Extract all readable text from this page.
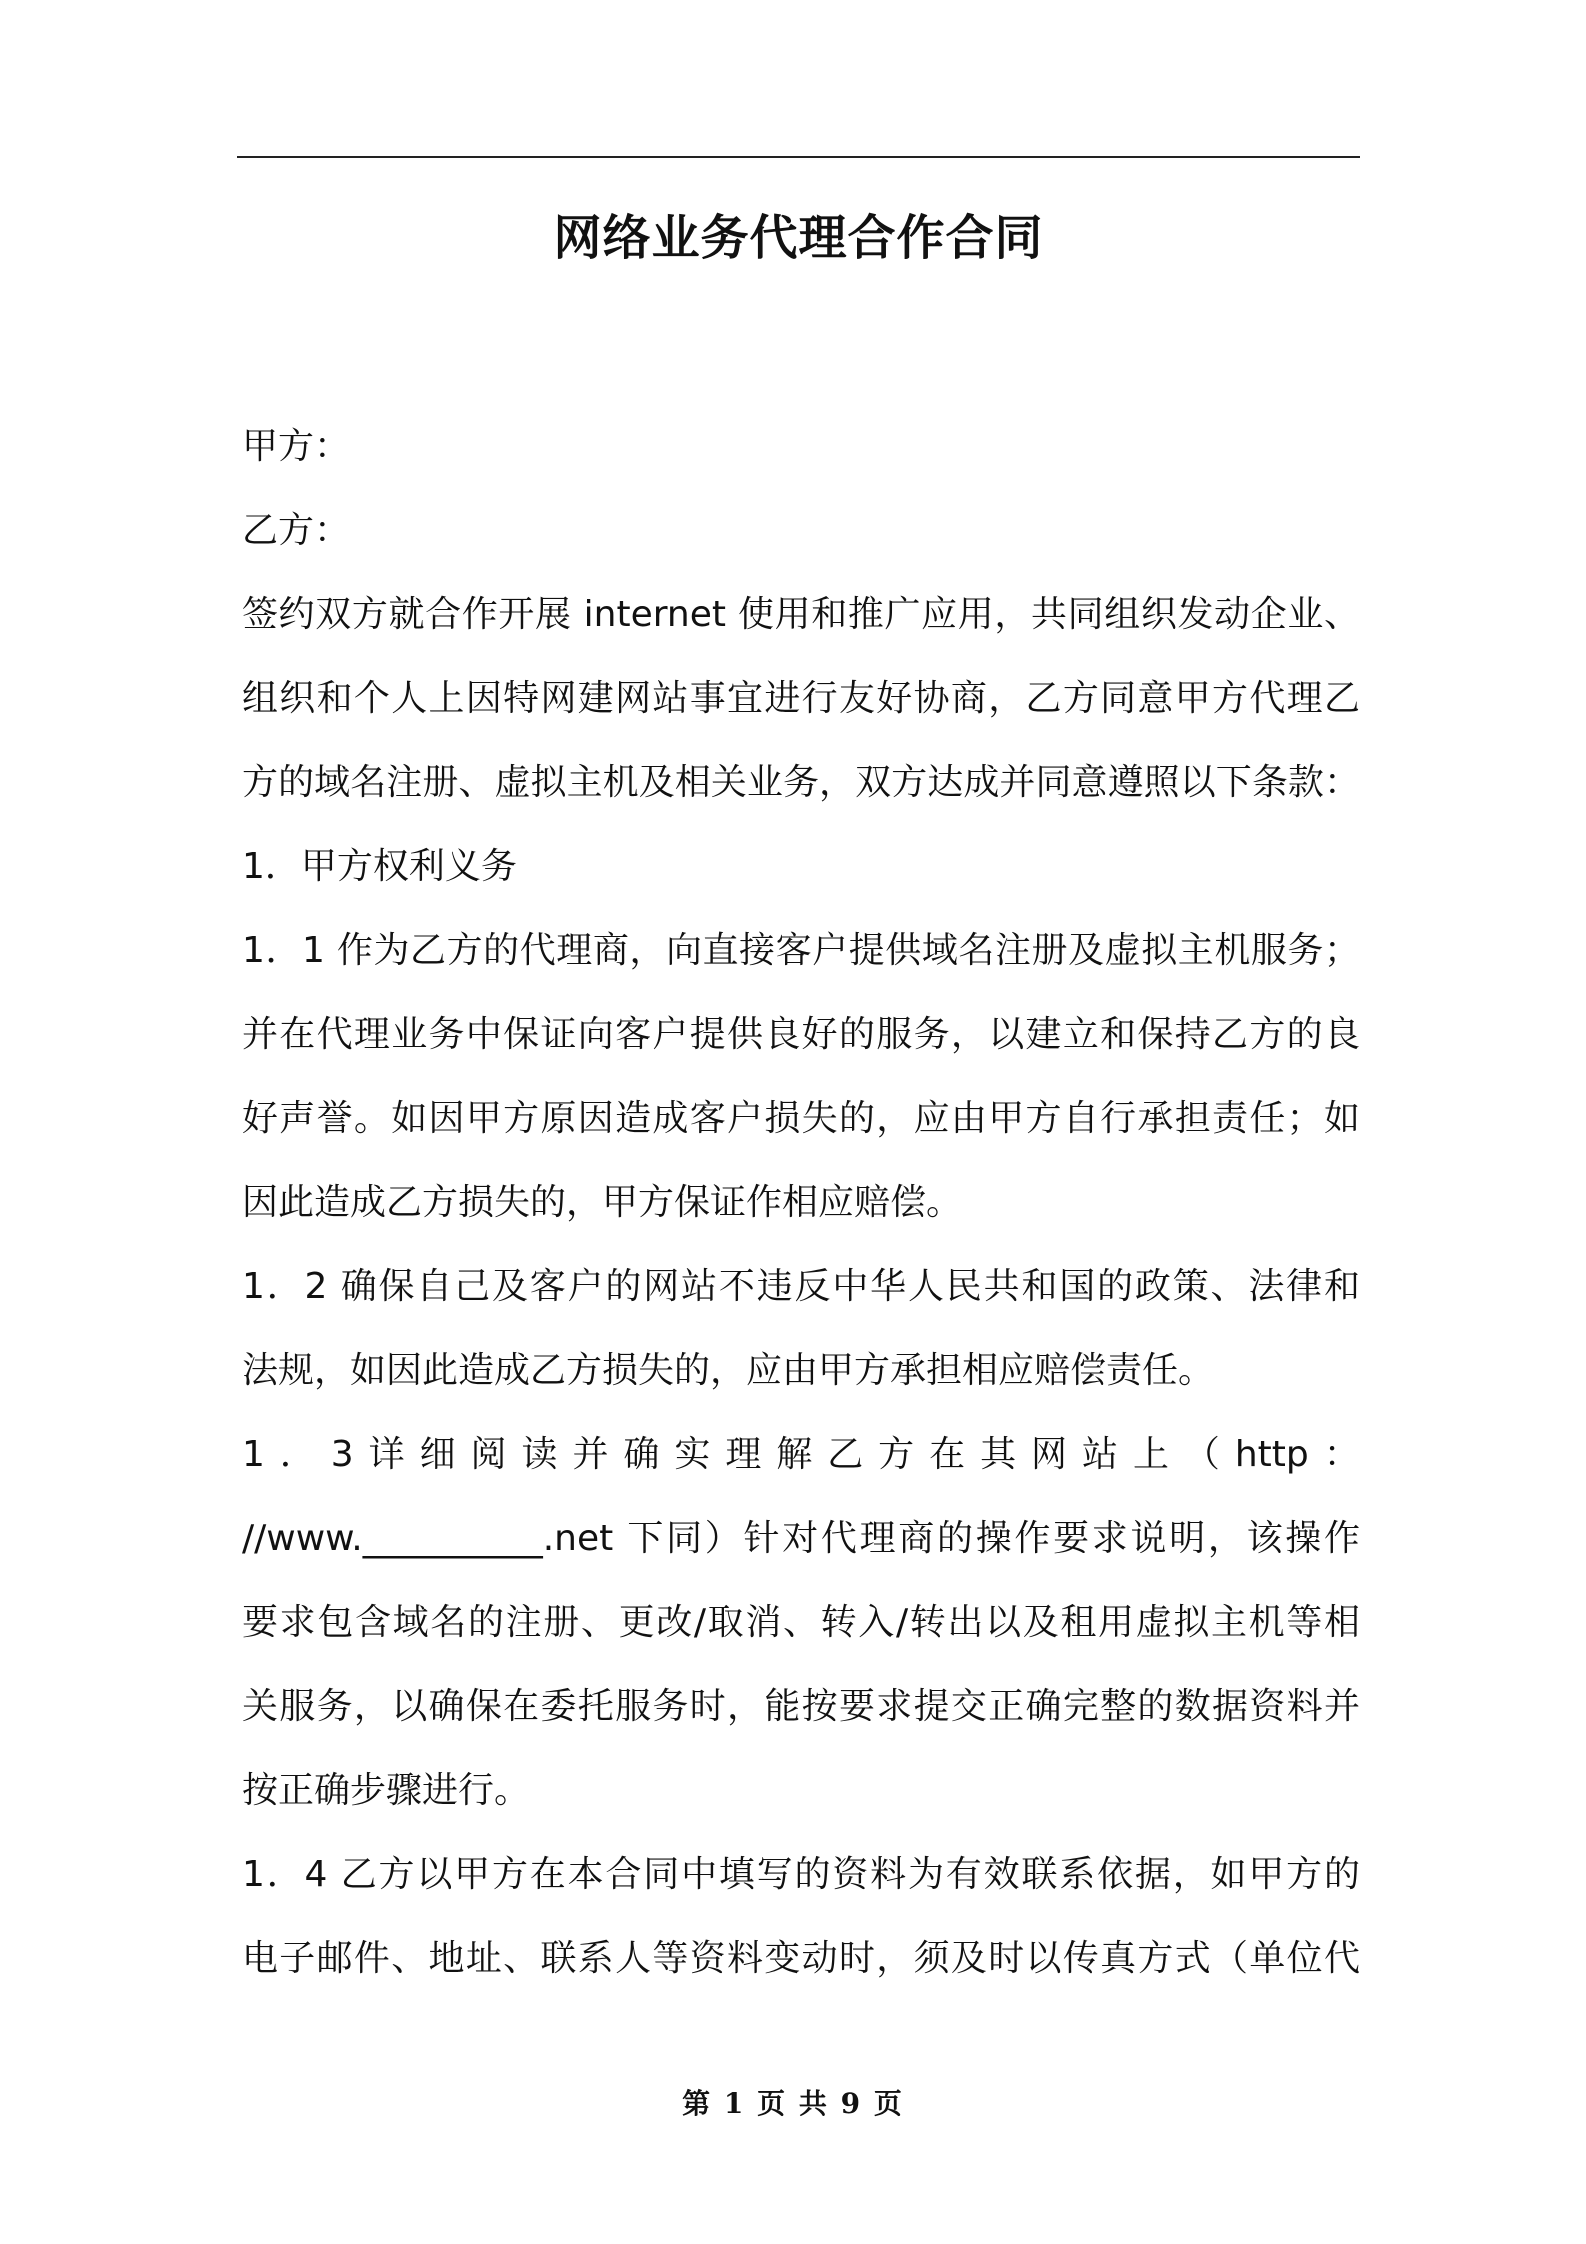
网络业务代理合作合同
甲方：
乙方：
签约双方就合作开展 internet 使用和推广应用，共同组织发动企业、
组织和个人上因特网建网站事宜进行友好协商，乙方同意甲方代理乙
方的域名注册、虚拟主机及相关业务，双方达成并同意遵照以下条款：
1．甲方权利义务
1．1 作为乙方的代理商，向直接客户提供域名注册及虚拟主机服务；
并在代理业务中保证向客户提供良好的服务，以建立和保持乙方的良
好声誉。如因甲方原因造成客户损失的，应由甲方自行承担责任；如
因此造成乙方损失的，甲方保证作相应赔偿。
1．2 确保自己及客户的网站不违反中华人民共和国的政策、法律和
法规，如因此造成乙方损失的，应由甲方承担相应赔偿责任。
1 ． 3 详 细 阅 读 并 确 实 理 解 乙 方 在 其 网 站 上 （ http ：
//www.__________.net 下同）针对代理商的操作要求说明，该操作
要求包含域名的注册、更改/取消、转入/转出以及租用虚拟主机等相
关服务，以确保在委托服务时，能按要求提交正确完整的数据资料并
按正确步骤进行。
1．4 乙方以甲方在本合同中填写的资料为有效联系依据，如甲方的
电子邮件、地址、联系人等资料变动时，须及时以传真方式（单位代
第 1 页 共 9 页
